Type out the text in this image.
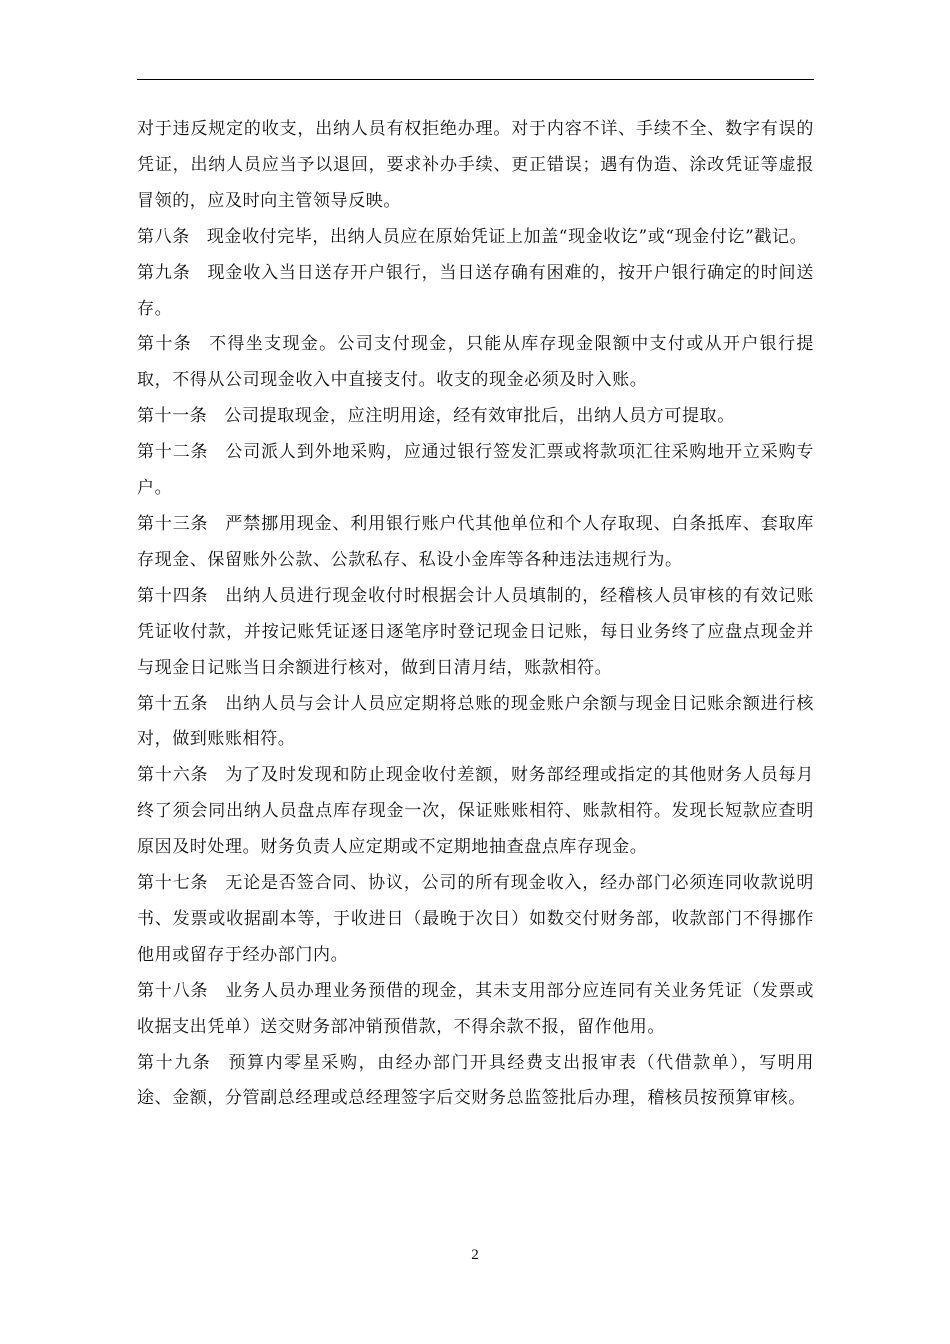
对于违反规定的收支，出纳人员有权拒绝办理。对于内容不详、手续不全、数字有误的凭证，出纳人员应当予以退回，要求补办手续、更正错误；遇有伪造、涂改凭证等虚报冒领的，应及时向主管领导反映。

第八条 现金收付完毕，出纳人员应在原始凭证上加盖“现金收讫”或“现金付讫”戳记。

第九条 现金收入当日送存开户银行，当日送存确有困难的，按开户银行确定的时间送存。

第十条 不得坐支现金。公司支付现金，只能从库存现金限额中支付或从开户银行提取，不得从公司现金收入中直接支付。收支的现金必须及时入账。

第十一条 公司提取现金，应注明用途，经有效审批后，出纳人员方可提取。

第十二条 公司派人到外地采购，应通过银行签发汇票或将款项汇往采购地开立采购专户。

第十三条 严禁挪用现金、利用银行账户代其他单位和个人存取现、白条抵库、套取库存现金、保留账外公款、公款私存、私设小金库等各种违法违规行为。

第十四条 出纳人员进行现金收付时根据会计人员填制的，经稽核人员审核的有效记账凭证收付款，并按记账凭证逐日逐笔序时登记现金日记账，每日业务终了应盘点现金并与现金日记账当日余额进行核对，做到日清月结，账款相符。

第十五条 出纳人员与会计人员应定期将总账的现金账户余额与现金日记账余额进行核对，做到账账相符。

第十六条 为了及时发现和防止现金收付差额，财务部经理或指定的其他财务人员每月终了须会同出纳人员盘点库存现金一次，保证账账相符、账款相符。发现长短款应查明原因及时处理。财务负责人应定期或不定期地抽查盘点库存现金。

第十七条 无论是否签合同、协议，公司的所有现金收入，经办部门必须连同收款说明书、发票或收据副本等，于收进日（最晚于次日）如数交付财务部，收款部门不得挪作他用或留存于经办部门内。

第十八条 业务人员办理业务预借的现金，其未支用部分应连同有关业务凭证（发票或收据支出凭单）送交财务部冲销预借款，不得余款不报，留作他用。

第十九条 预算内零星采购，由经办部门开具经费支出报审表（代借款单），写明用途、金额，分管副总经理或总经理签字后交财务总监签批后办理，稽核员按预算审核。

2
